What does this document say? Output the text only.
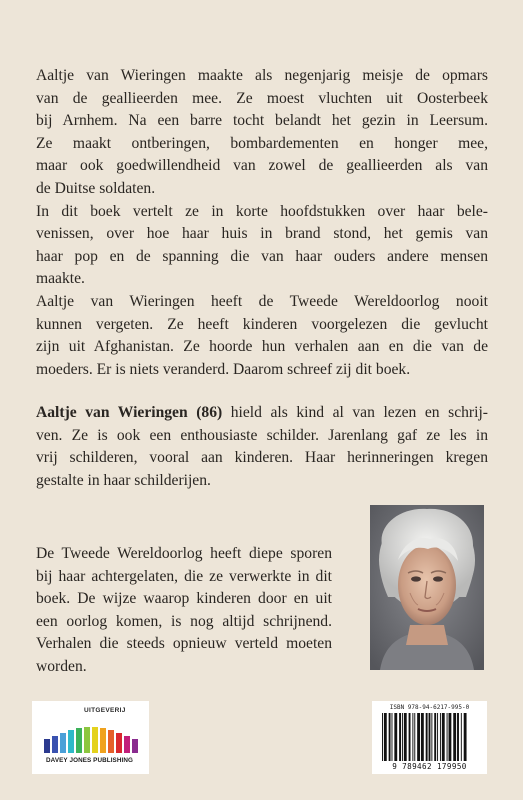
Aaltje van Wieringen maakte als negenjarig meisje de opmars
van de geallieerden mee. Ze moest vluchten uit Oosterbeek
bij Arnhem. Na een barre tocht belandt het gezin in Leersum.
Ze maakt ontberingen, bombardementen en honger mee,
maar ook goedwillendheid van zowel de geallieerden als van
de Duitse soldaten.
In dit boek vertelt ze in korte hoofdstukken over haar bele-
venissen, over hoe haar huis in brand stond, het gemis van
haar pop en de spanning die van haar ouders andere mensen
maakte.
Aaltje van Wieringen heeft de Tweede Wereldoorlog nooit
kunnen vergeten. Ze heeft kinderen voorgelezen die gevlucht
zijn uit Afghanistan. Ze hoorde hun verhalen aan en die van de
moeders. Er is niets veranderd. Daarom schreef zij dit boek.
Aaltje van Wieringen (86) hield als kind al van lezen en schrij-
ven. Ze is ook een enthousiaste schilder. Jarenlang gaf ze les in
vrij schilderen, vooral aan kinderen. Haar herinneringen kregen
gestalte in haar schilderijen.
De Tweede Wereldoorlog heeft diepe sporen
bij haar achtergelaten, die ze verwerkte in dit
boek. De wijze waarop kinderen door en uit
een oorlog komen, is nog altijd schrijnend.
Verhalen die steeds opnieuw verteld moeten
worden.
UITGEVERIJ
DAVEY JONES PUBLISHING
ISBN 978-94-6217-995-0
9 789462 179950
